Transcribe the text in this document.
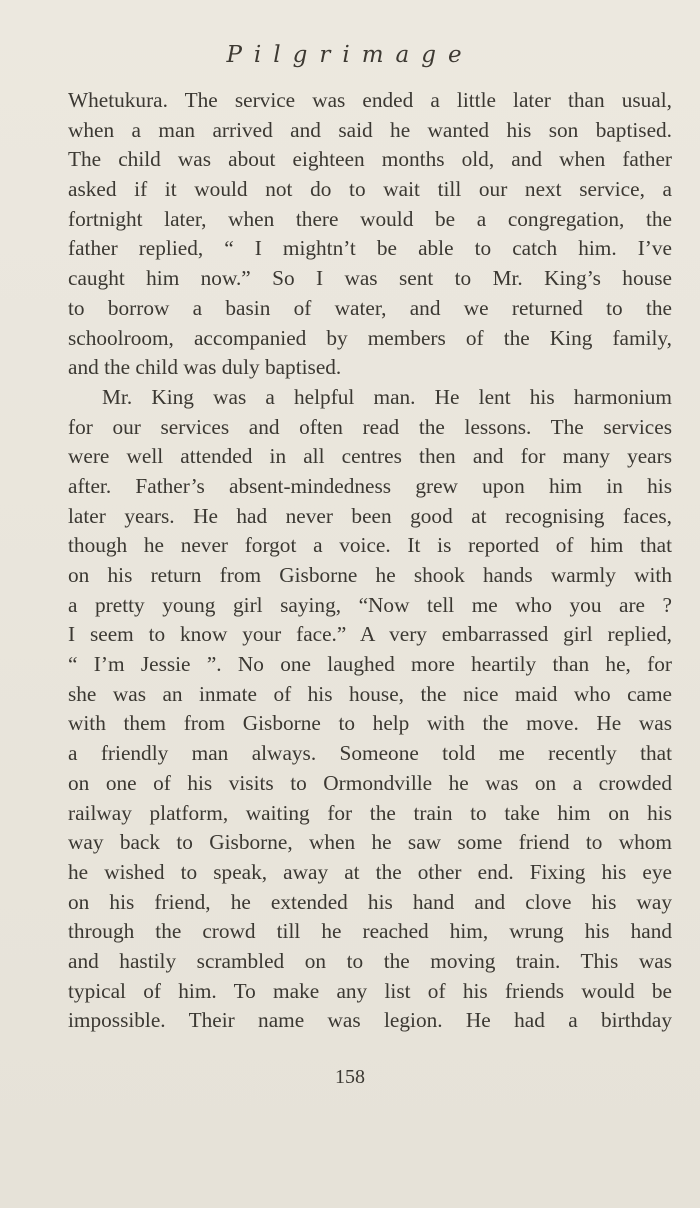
Pilgrimage
Whetukura. The service was ended a little later than usual,
when a man arrived and said he wanted his son baptised.
The child was about eighteen months old, and when father
asked if it would not do to wait till our next service, a
fortnight later, when there would be a congregation, the
father replied, “ I mightn’t be able to catch him. I’ve
caught him now.” So I was sent to Mr. King’s house
to borrow a basin of water, and we returned to the
schoolroom, accompanied by members of the King family,
and the child was duly baptised.
Mr. King was a helpful man. He lent his harmonium
for our services and often read the lessons. The services
were well attended in all centres then and for many years
after. Father’s absent-mindedness grew upon him in his
later years. He had never been good at recognising faces,
though he never forgot a voice. It is reported of him that
on his return from Gisborne he shook hands warmly with
a pretty young girl saying, “Now tell me who you are ?
I seem to know your face.” A very embarrassed girl replied,
“ I’m Jessie ”. No one laughed more heartily than he, for
she was an inmate of his house, the nice maid who came
with them from Gisborne to help with the move. He was
a friendly man always. Someone told me recently that
on one of his visits to Ormondville he was on a crowded
railway platform, waiting for the train to take him on his
way back to Gisborne, when he saw some friend to whom
he wished to speak, away at the other end. Fixing his eye
on his friend, he extended his hand and clove his way
through the crowd till he reached him, wrung his hand
and hastily scrambled on to the moving train. This was
typical of him. To make any list of his friends would be
impossible. Their name was legion. He had a birthday
158
